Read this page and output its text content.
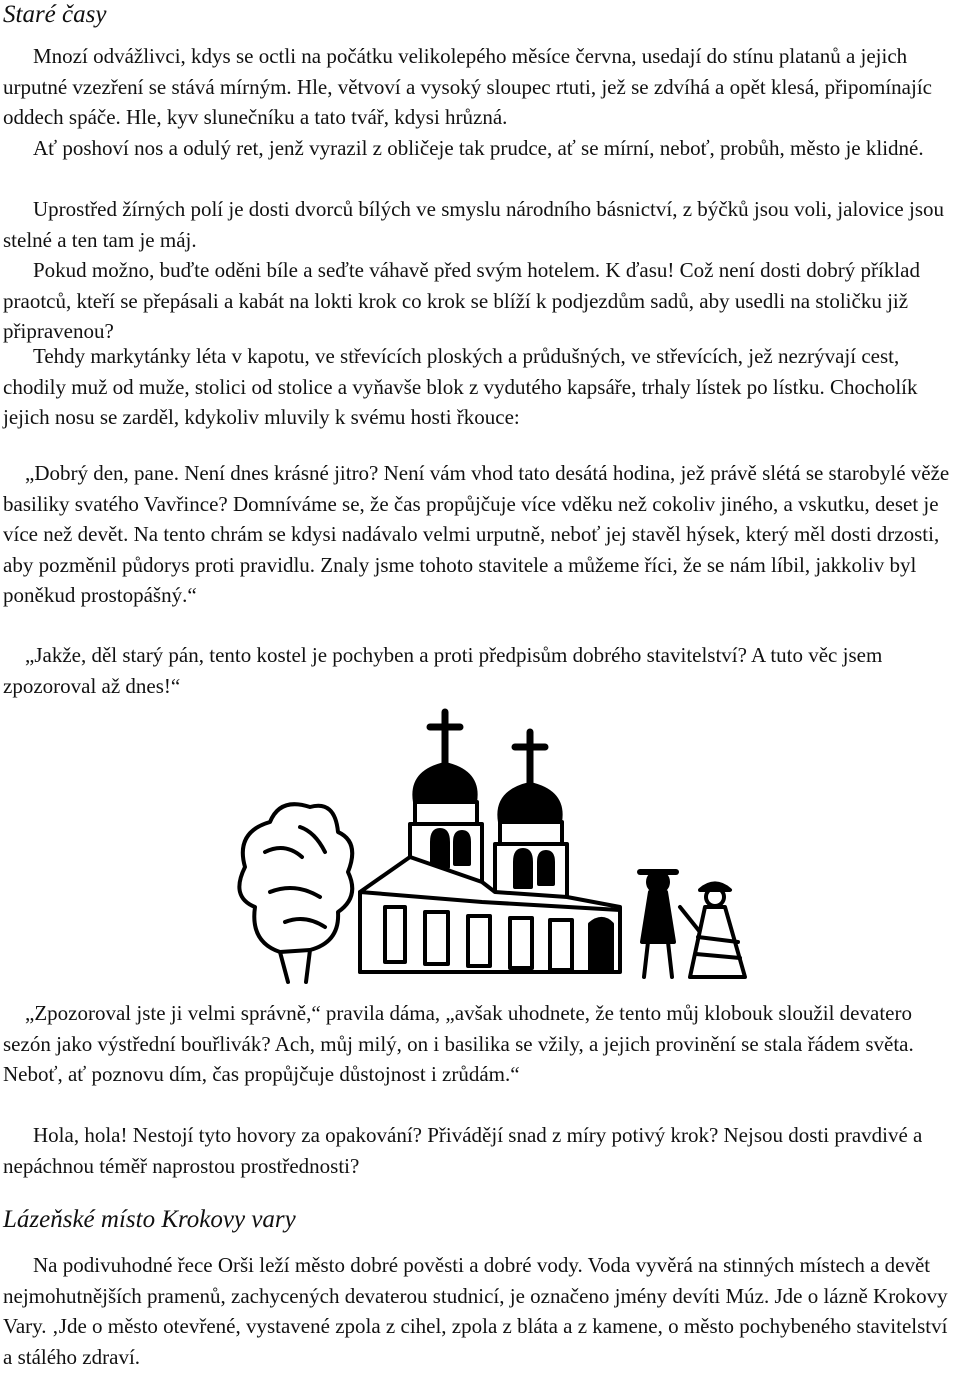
Staré časy

Mnozí odvážlivci, kdys se octli na počátku velikolepého měsíce června, usedají do stínu platanů a jejich urputné vzezření se stává mírným. Hle, větvoví a vysoký sloupec rtuti, jež se zdvíhá a opět klesá, připomínajíc oddech spáče. Hle, kyv slunečníku a tato tvář, kdysi hrůzná.

Ať poshoví nos a odulý ret, jenž vyrazil z obličeje tak prudce, ať se mírní, neboť, probůh, město je klidné.

Uprostřed žírných polí je dosti dvorců bílých ve smyslu národního básnictví, z býčků jsou voli, jalovice jsou stelné a ten tam je máj.

Pokud možno, buďte oděni bíle a seďte váhavě před svým hotelem. K ďasu! Což není dosti dobrý příklad praotců, kteří se přepásali a kabát na lokti krok co krok se blíží k podjezdům sadů, aby usedli na stoličku již připravenou?

Tehdy markytánky léta v kapotu, ve střevících ploských a průdušných, ve střevících, jež nezrývají cest, chodily muž od muže, stolici od stolice a vyňavše blok z vydutého kapsáře, trhaly lístek po lístku. Chocholík jejich nosu se zarděl, kdykoliv mluvily k svému hosti řkouce:

„Dobrý den, pane. Není dnes krásné jitro? Není vám vhod tato desátá hodina, jež právě slétá se starobylé věže basiliky svatého Vavřince? Domníváme se, že čas propůjčuje více vděku než cokoliv jiného, a vskutku, deset je více než devět. Na tento chrám se kdysi nadávalo velmi urputně, neboť jej stavěl hýsek, který měl dosti drzosti, aby pozměnil půdorys proti pravidlu. Znaly jsme tohoto stavitele a můžeme říci, že se nám líbil, jakkoliv byl poněkud prostopášný.“

„Jakže, děl starý pán, tento kostel je pochyben a proti předpisům dobrého stavitelství? A tuto věc jsem zpozoroval až dnes!“

„Zpozoroval jste ji velmi správně,“ pravila dáma, „avšak uhodnete, že tento můj klobouk sloužil devatero sezón jako výstřední bouřlivák? Ach, můj milý, on i basilika se vžily, a jejich provinění se stala řádem světa. Neboť, ať poznovu dím, čas propůjčuje důstojnost i zrůdám.“

Hola, hola! Nestojí tyto hovory za opakování? Přivádějí snad z míry potivý krok? Nejsou dosti pravdivé a nepáchnou téměř naprostou prostřednosti?

Lázeňské místo Krokovy vary

Na podivuhodné řece Orši leží město dobré pověsti a dobré vody. Voda vyvěrá na stinných místech a devět nejmohutnějších pramenů, zachycených devaterou studnicí, je označeno jmény devíti Múz. Jde o lázně Krokovy Vary. ‚Jde o město otevřené, vystavené zpola z cihel, zpola z bláta a z kamene, o město pochybeného stavitelství a stálého zdraví.
